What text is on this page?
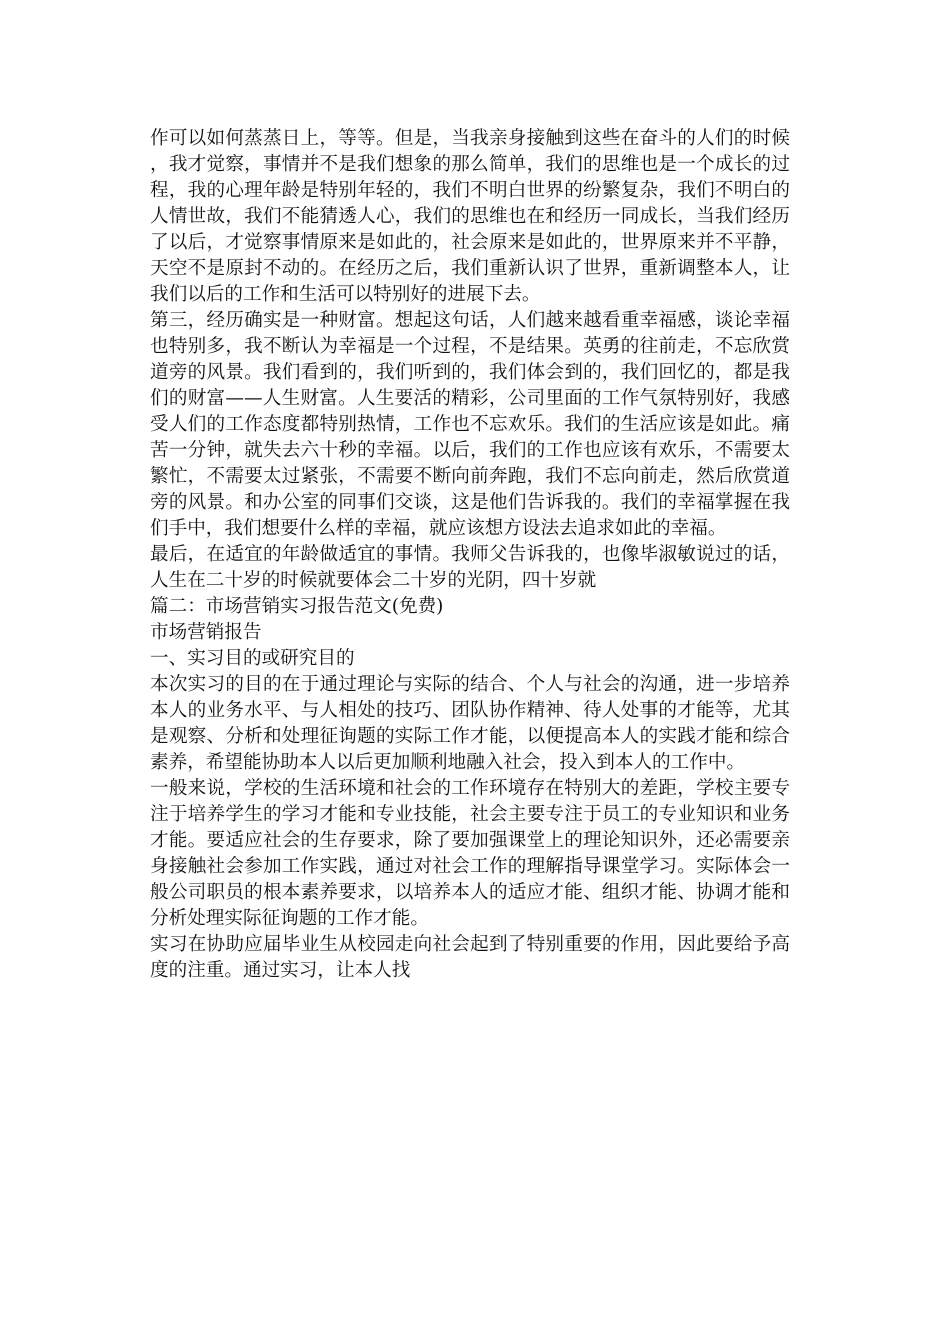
作可以如何蒸蒸日上，等等。但是，当我亲身接触到这些在奋斗的人们的时候，我才觉察，事情并不是我们想象的那么简单，我们的思维也是一个成长的过程，我的心理年龄是特别年轻的，我们不明白世界的纷繁复杂，我们不明白的人情世故，我们不能猜透人心，我们的思维也在和经历一同成长，当我们经历了以后，才觉察事情原来是如此的，社会原来是如此的，世界原来并不平静，天空不是原封不动的。在经历之后，我们重新认识了世界，重新调整本人，让我们以后的工作和生活可以特别好的进展下去。

第三，经历确实是一种财富。想起这句话，人们越来越看重幸福感，谈论幸福也特别多，我不断认为幸福是一个过程，不是结果。英勇的往前走，不忘欣赏道旁的风景。我们看到的，我们听到的，我们体会到的，我们回忆的，都是我们的财富——人生财富。人生要活的精彩，公司里面的工作气氛特别好，我感受人们的工作态度都特别热情，工作也不忘欢乐。我们的生活应该是如此。痛苦一分钟，就失去六十秒的幸福。以后，我们的工作也应该有欢乐，不需要太繁忙，不需要太过紧张，不需要不断向前奔跑，我们不忘向前走，然后欣赏道旁的风景。和办公室的同事们交谈，这是他们告诉我的。我们的幸福掌握在我们手中，我们想要什么样的幸福，就应该想方设法去追求如此的幸福。

最后，在适宜的年龄做适宜的事情。我师父告诉我的，也像毕淑敏说过的话，人生在二十岁的时候就要体会二十岁的光阴，四十岁就

篇二：市场营销实习报告范文(免费)

市场营销报告

一、实习目的或研究目的

本次实习的目的在于通过理论与实际的结合、个人与社会的沟通，进一步培养本人的业务水平、与人相处的技巧、团队协作精神、待人处事的才能等，尤其是观察、分析和处理征询题的实际工作才能，以便提高本人的实践才能和综合素养，希望能协助本人以后更加顺利地融入社会，投入到本人的工作中。

一般来说，学校的生活环境和社会的工作环境存在特别大的差距，学校主要专注于培养学生的学习才能和专业技能，社会主要专注于员工的专业知识和业务才能。要适应社会的生存要求，除了要加强课堂上的理论知识外，还必需要亲身接触社会参加工作实践，通过对社会工作的理解指导课堂学习。实际体会一般公司职员的根本素养要求，以培养本人的适应才能、组织才能、协调才能和分析处理实际征询题的工作才能。

实习在协助应届毕业生从校园走向社会起到了特别重要的作用，因此要给予高度的注重。通过实习，让本人找
